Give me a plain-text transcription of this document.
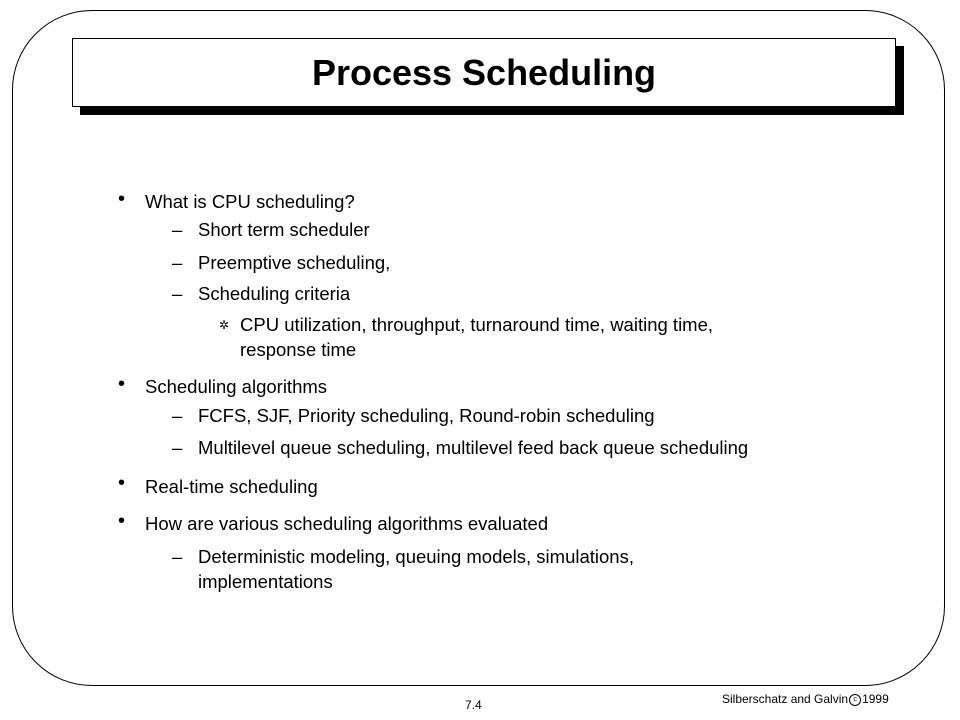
Process Scheduling
• What is CPU scheduling?
– Short term scheduler
– Preemptive scheduling,
– Scheduling criteria
✲ CPU utilization, throughput, turnaround time, waiting time,
response time
• Scheduling algorithms
– FCFS, SJF, Priority scheduling, Round-robin scheduling
– Multilevel queue scheduling, multilevel feed back queue scheduling
• Real-time scheduling
• How are various scheduling algorithms evaluated
– Deterministic modeling, queuing models, simulations,
implementations
7.4	Silberschatz and Galvin c 1999
